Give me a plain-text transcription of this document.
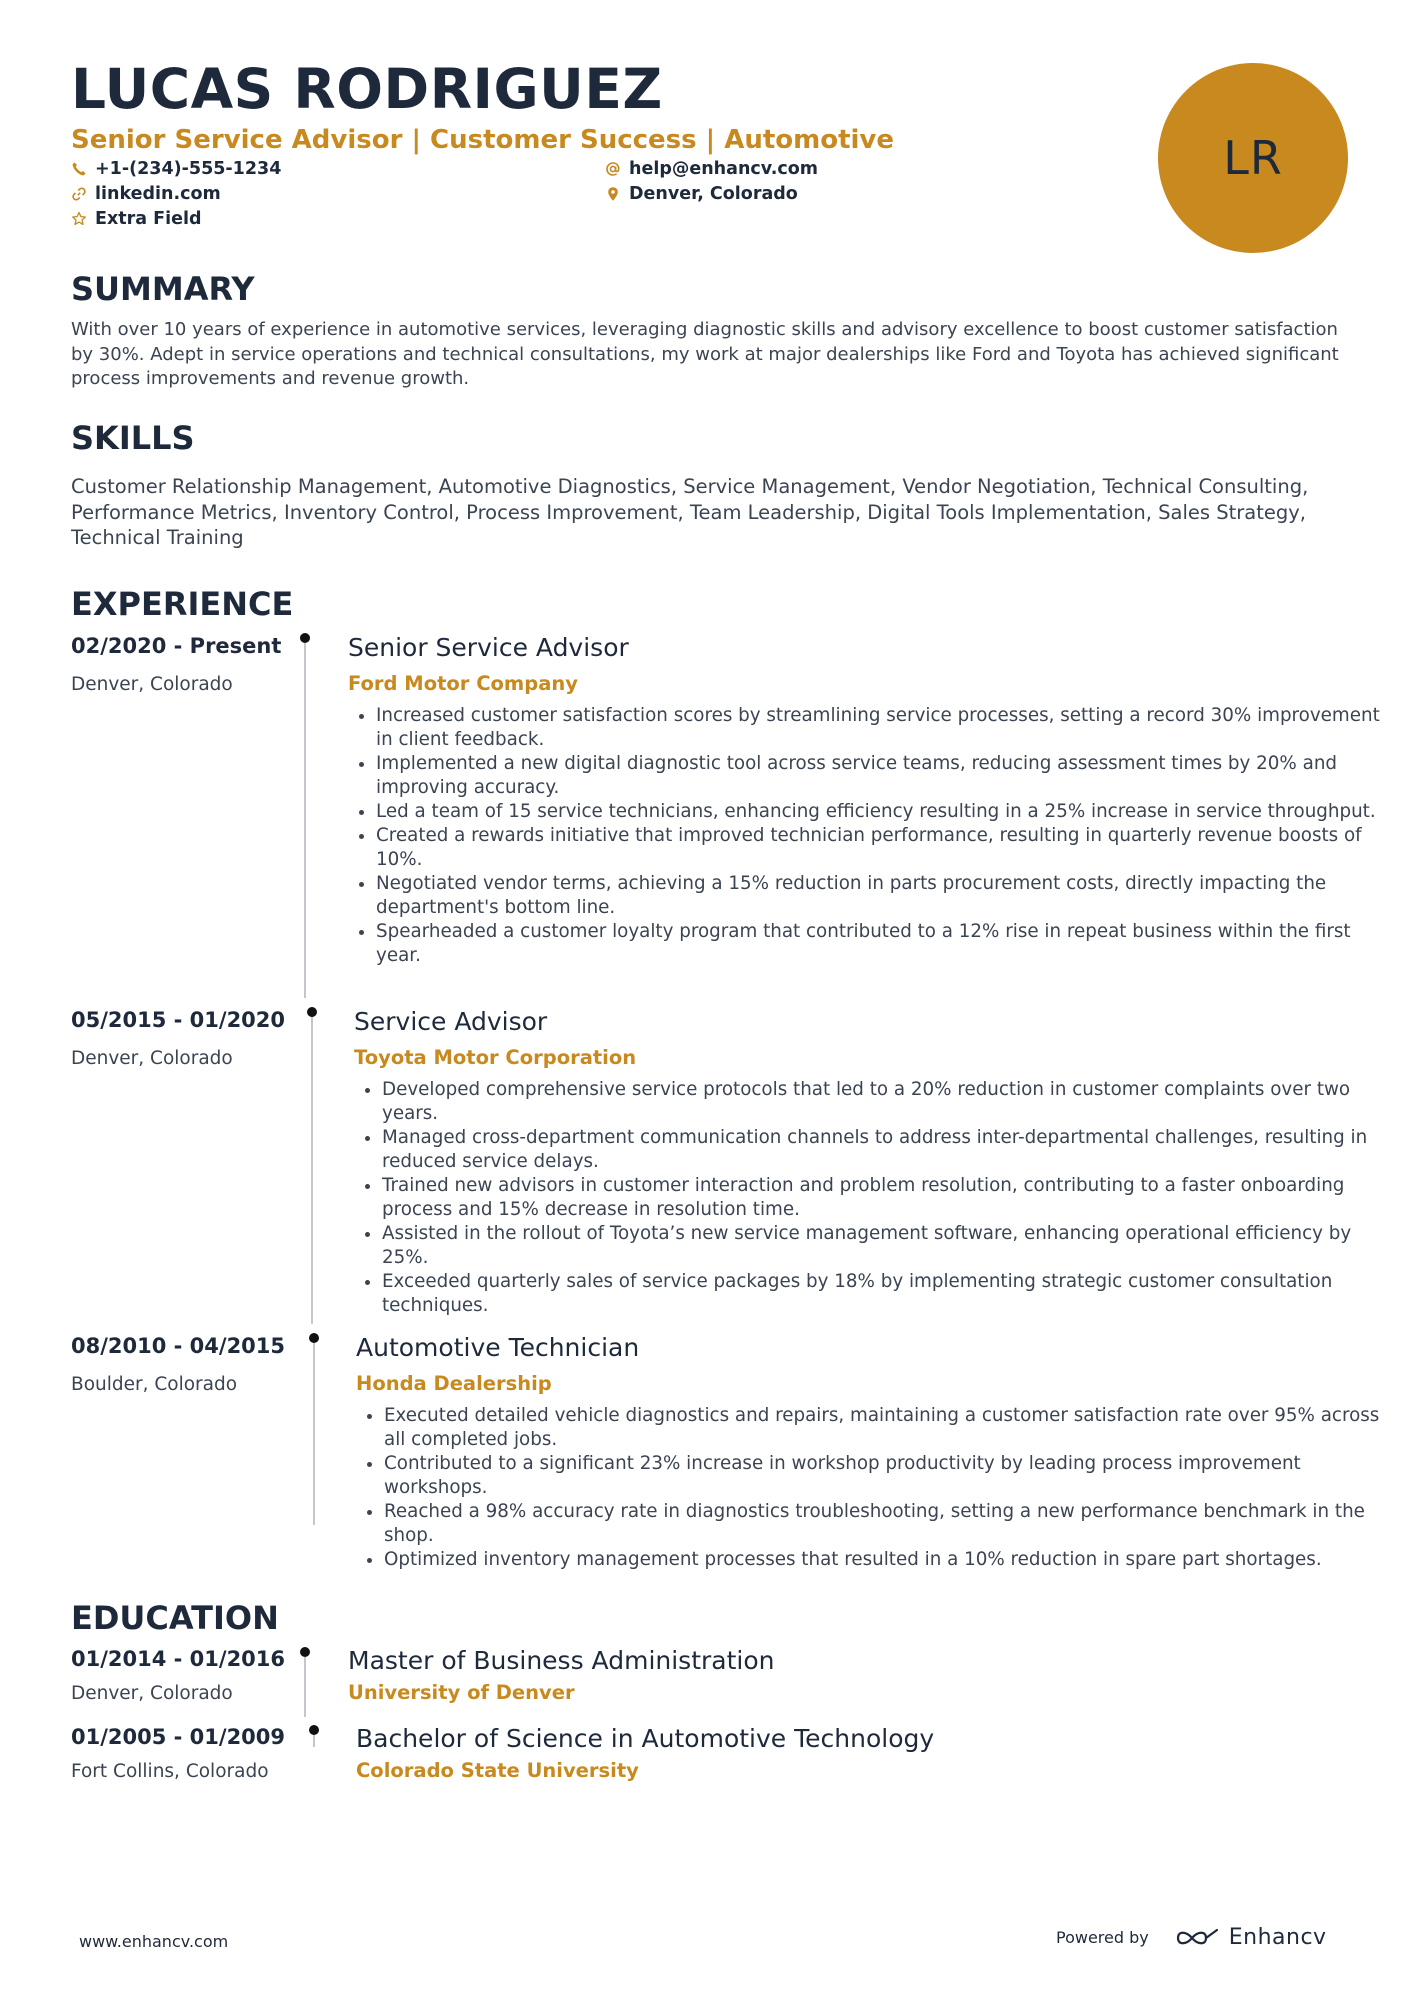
LUCAS RODRIGUEZ
Senior Service Advisor | Customer Success | Automotive
+1-(234)-555-1234	help@enhancv.com
linkedin.com	Denver, Colorado
Extra Field
LR
SUMMARY
With over 10 years of experience in automotive services, leveraging diagnostic skills and advisory excellence to boost customer satisfaction by 30%. Adept in service operations and technical consultations, my work at major dealerships like Ford and Toyota has achieved significant process improvements and revenue growth.
SKILLS
Customer Relationship Management, Automotive Diagnostics, Service Management, Vendor Negotiation, Technical Consulting, Performance Metrics, Inventory Control, Process Improvement, Team Leadership, Digital Tools Implementation, Sales Strategy, Technical Training
EXPERIENCE
02/2020 - Present
Denver, Colorado
Senior Service Advisor
Ford Motor Company
• Increased customer satisfaction scores by streamlining service processes, setting a record 30% improvement in client feedback.
• Implemented a new digital diagnostic tool across service teams, reducing assessment times by 20% and improving accuracy.
• Led a team of 15 service technicians, enhancing efficiency resulting in a 25% increase in service throughput.
• Created a rewards initiative that improved technician performance, resulting in quarterly revenue boosts of 10%.
• Negotiated vendor terms, achieving a 15% reduction in parts procurement costs, directly impacting the department's bottom line.
• Spearheaded a customer loyalty program that contributed to a 12% rise in repeat business within the first year.
05/2015 - 01/2020
Denver, Colorado
Service Advisor
Toyota Motor Corporation
• Developed comprehensive service protocols that led to a 20% reduction in customer complaints over two years.
• Managed cross-department communication channels to address inter-departmental challenges, resulting in reduced service delays.
• Trained new advisors in customer interaction and problem resolution, contributing to a faster onboarding process and 15% decrease in resolution time.
• Assisted in the rollout of Toyota’s new service management software, enhancing operational efficiency by 25%.
• Exceeded quarterly sales of service packages by 18% by implementing strategic customer consultation techniques.
08/2010 - 04/2015
Boulder, Colorado
Automotive Technician
Honda Dealership
• Executed detailed vehicle diagnostics and repairs, maintaining a customer satisfaction rate over 95% across all completed jobs.
• Contributed to a significant 23% increase in workshop productivity by leading process improvement workshops.
• Reached a 98% accuracy rate in diagnostics troubleshooting, setting a new performance benchmark in the shop.
• Optimized inventory management processes that resulted in a 10% reduction in spare part shortages.
EDUCATION
01/2014 - 01/2016
Denver, Colorado
Master of Business Administration
University of Denver
01/2005 - 01/2009
Fort Collins, Colorado
Bachelor of Science in Automotive Technology
Colorado State University
www.enhancv.com	Powered by	Enhancv
